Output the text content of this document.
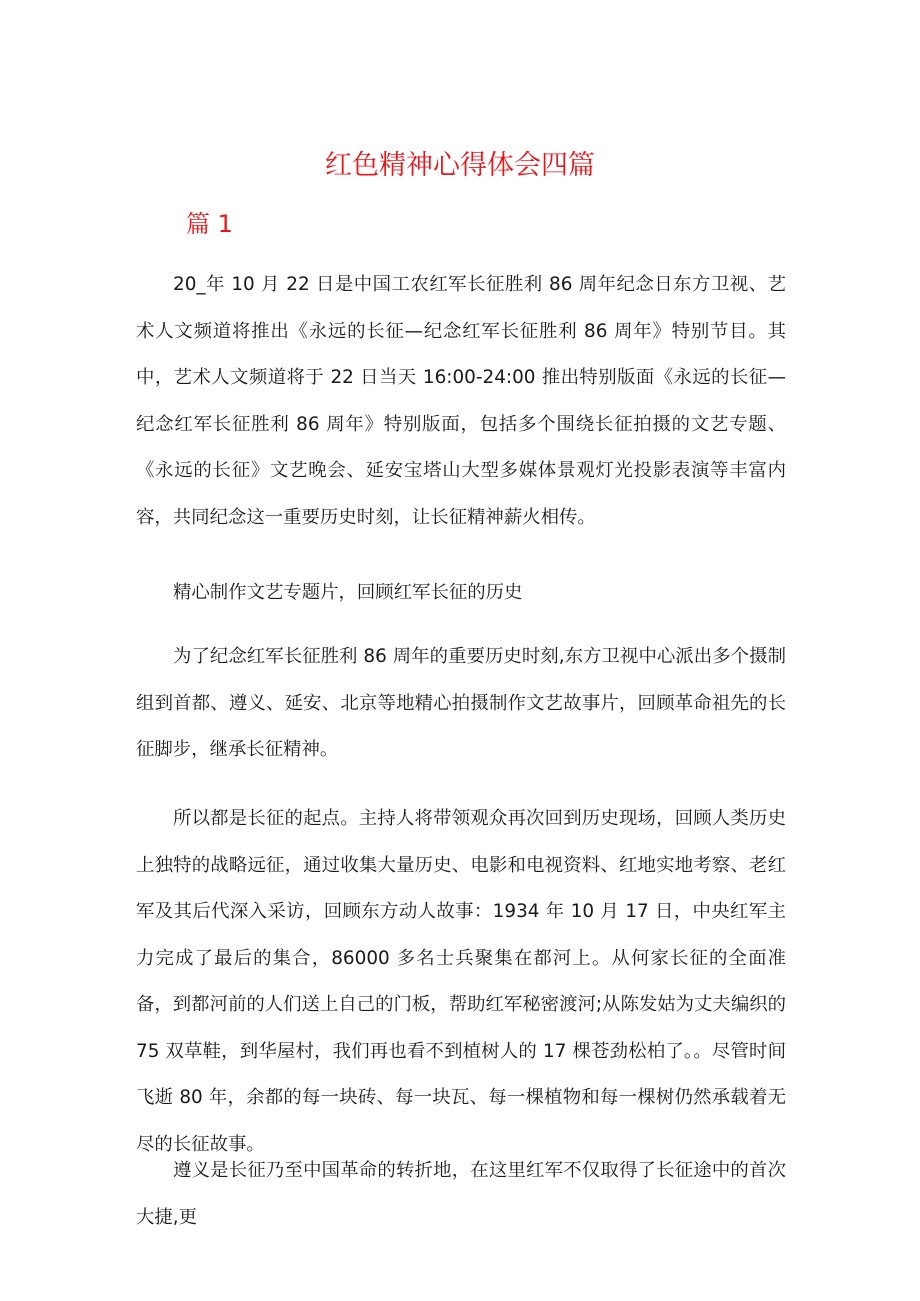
红色精神心得体会四篇
篇 1

20_年 10 月 22 日是中国工农红军长征胜利 86 周年纪念日东方卫视、艺术人文频道将推出《永远的长征—纪念红军长征胜利 86 周年》特别节目。其中，艺术人文频道将于 22 日当天 16:00-24:00 推出特别版面《永远的长征—纪念红军长征胜利 86 周年》特别版面，包括多个围绕长征拍摄的文艺专题、《永远的长征》文艺晚会、延安宝塔山大型多媒体景观灯光投影表演等丰富内容，共同纪念这一重要历史时刻，让长征精神薪火相传。

精心制作文艺专题片，回顾红军长征的历史

为了纪念红军长征胜利 86 周年的重要历史时刻,东方卫视中心派出多个摄制组到首都、遵义、延安、北京等地精心拍摄制作文艺故事片，回顾革命祖先的长征脚步，继承长征精神。

所以都是长征的起点。主持人将带领观众再次回到历史现场，回顾人类历史上独特的战略远征，通过收集大量历史、电影和电视资料、红地实地考察、老红军及其后代深入采访，回顾东方动人故事：1934 年 10 月 17 日，中央红军主力完成了最后的集合，86000 多名士兵聚集在都河上。从何家长征的全面准备，到都河前的人们送上自己的门板，帮助红军秘密渡河;从陈发姑为丈夫编织的 75 双草鞋，到华屋村，我们再也看不到植树人的 17 棵苍劲松柏了。。尽管时间飞逝 80 年，余都的每一块砖、每一块瓦、每一棵植物和每一棵树仍然承载着无尽的长征故事。

遵义是长征乃至中国革命的转折地，在这里红军不仅取得了长征途中的首次大捷,更
